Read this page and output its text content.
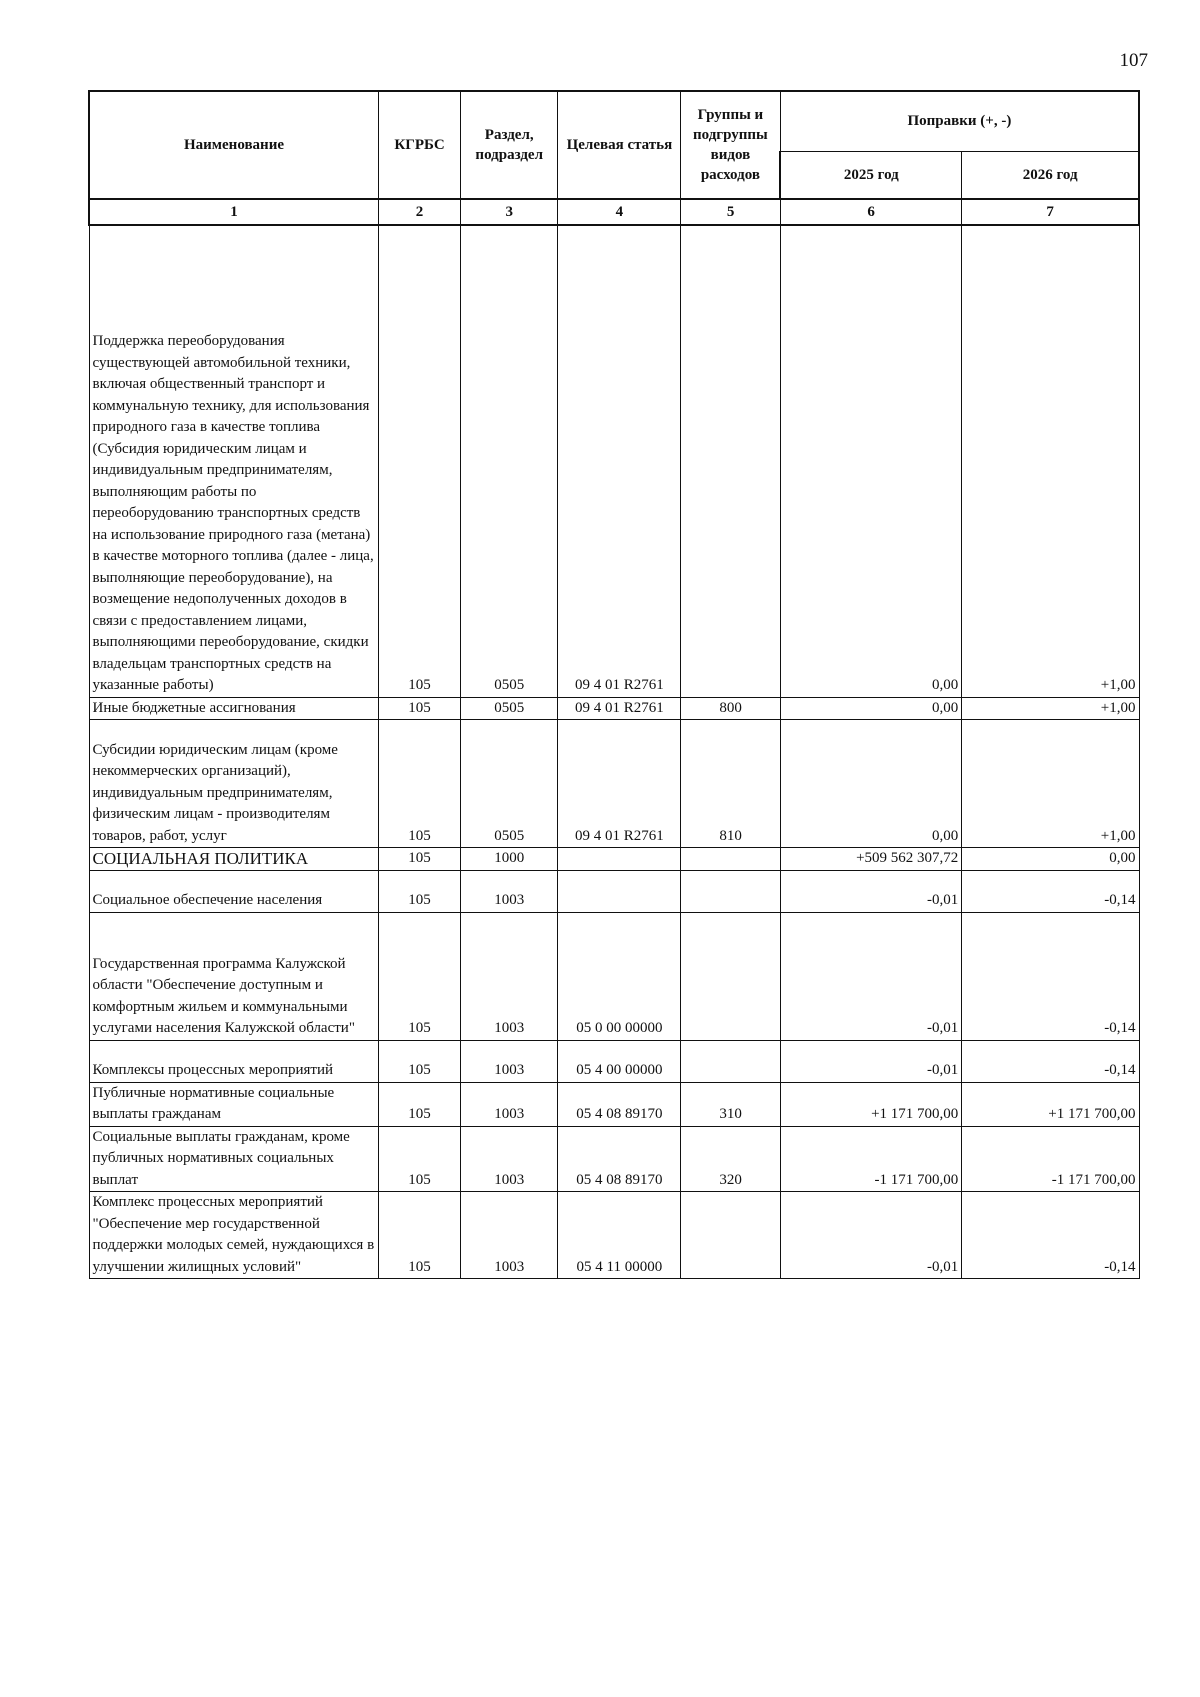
107
Наименование	КГРБС	Раздел, подраздел	Целевая статья	Группы и подгруппы видов расходов	Поправки (+, -)	
					2025 год	2026 год
1	2	3	4	5	6	7
Поддержка переоборудования существующей автомобильной техники, включая общественный транспорт и коммунальную технику, для использования природного газа в качестве топлива (Субсидия юридическим лицам и индивидуальным предпринимателям, выполняющим работы по переоборудованию транспортных средств на использование природного газа (метана) в качестве моторного топлива (далее - лица, выполняющие переоборудование), на возмещение недополученных доходов в связи с предоставлением лицами, выполняющими переоборудование, скидки владельцам транспортных средств на указанные работы)	105	0505	09 4 01 R2761		0,00	+1,00
Иные бюджетные ассигнования	105	0505	09 4 01 R2761	800	0,00	+1,00
Субсидии юридическим лицам (кроме некоммерческих организаций), индивидуальным предпринимателям, физическим лицам - производителям товаров, работ, услуг	105	0505	09 4 01 R2761	810	0,00	+1,00
СОЦИАЛЬНАЯ ПОЛИТИКА	105	1000			+509 562 307,72	0,00
Социальное обеспечение населения	105	1003			-0,01	-0,14
Государственная программа Калужской области "Обеспечение доступным и комфортным жильем и коммунальными услугами населения Калужской области"	105	1003	05 0 00 00000		-0,01	-0,14
Комплексы процессных мероприятий	105	1003	05 4 00 00000		-0,01	-0,14
Публичные нормативные социальные выплаты гражданам	105	1003	05 4 08 89170	310	+1 171 700,00	+1 171 700,00
Социальные выплаты гражданам, кроме публичных нормативных социальных выплат	105	1003	05 4 08 89170	320	-1 171 700,00	-1 171 700,00
Комплекс процессных мероприятий "Обеспечение мер государственной поддержки молодых семей, нуждающихся в улучшении жилищных условий"	105	1003	05 4 11 00000		-0,01	-0,14
